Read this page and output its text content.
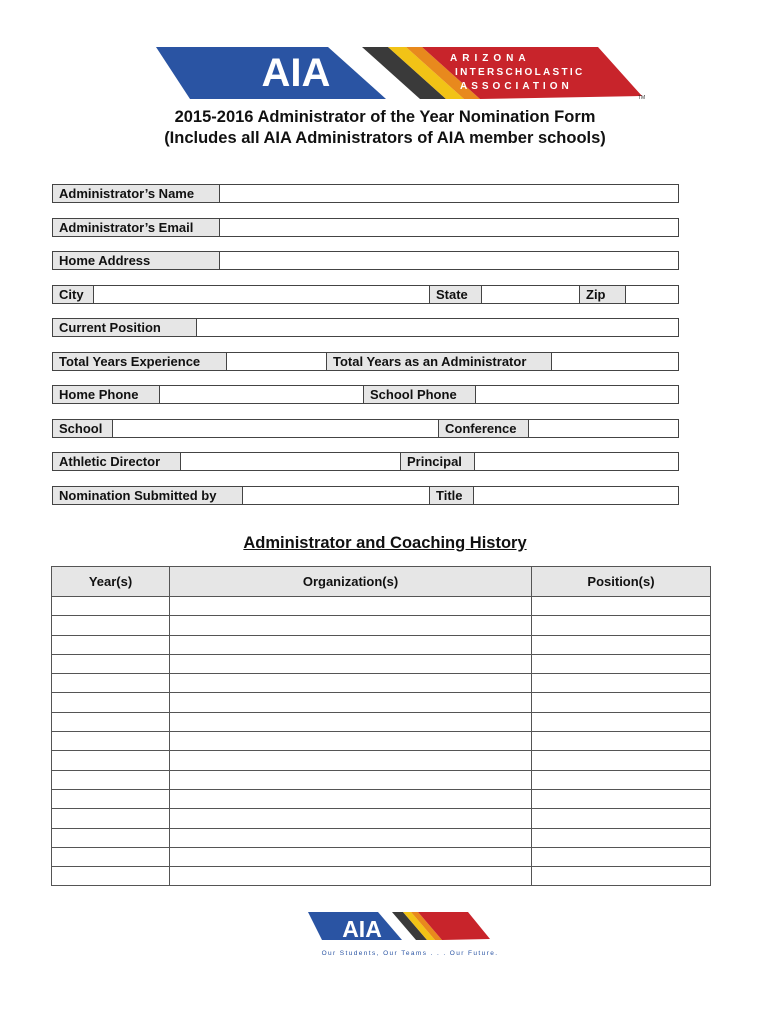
AIA	ARIZONA
INTERSCHOLASTIC
ASSOCIATION
TM
2015-2016 Administrator of the Year Nomination Form
(Includes all AIA Administrators of AIA member schools)
Administrator’s Name
Administrator’s Email
Home Address
City	State	Zip
Current Position
Total Years Experience	Total Years as an Administrator
Home Phone	School Phone
School	Conference
Athletic Director	Principal
Nomination Submitted by	Title
Administrator and Coaching History
Year(s)	Organization(s)	Position(s)

AIA
Our Students, Our Teams . . . Our Future.
